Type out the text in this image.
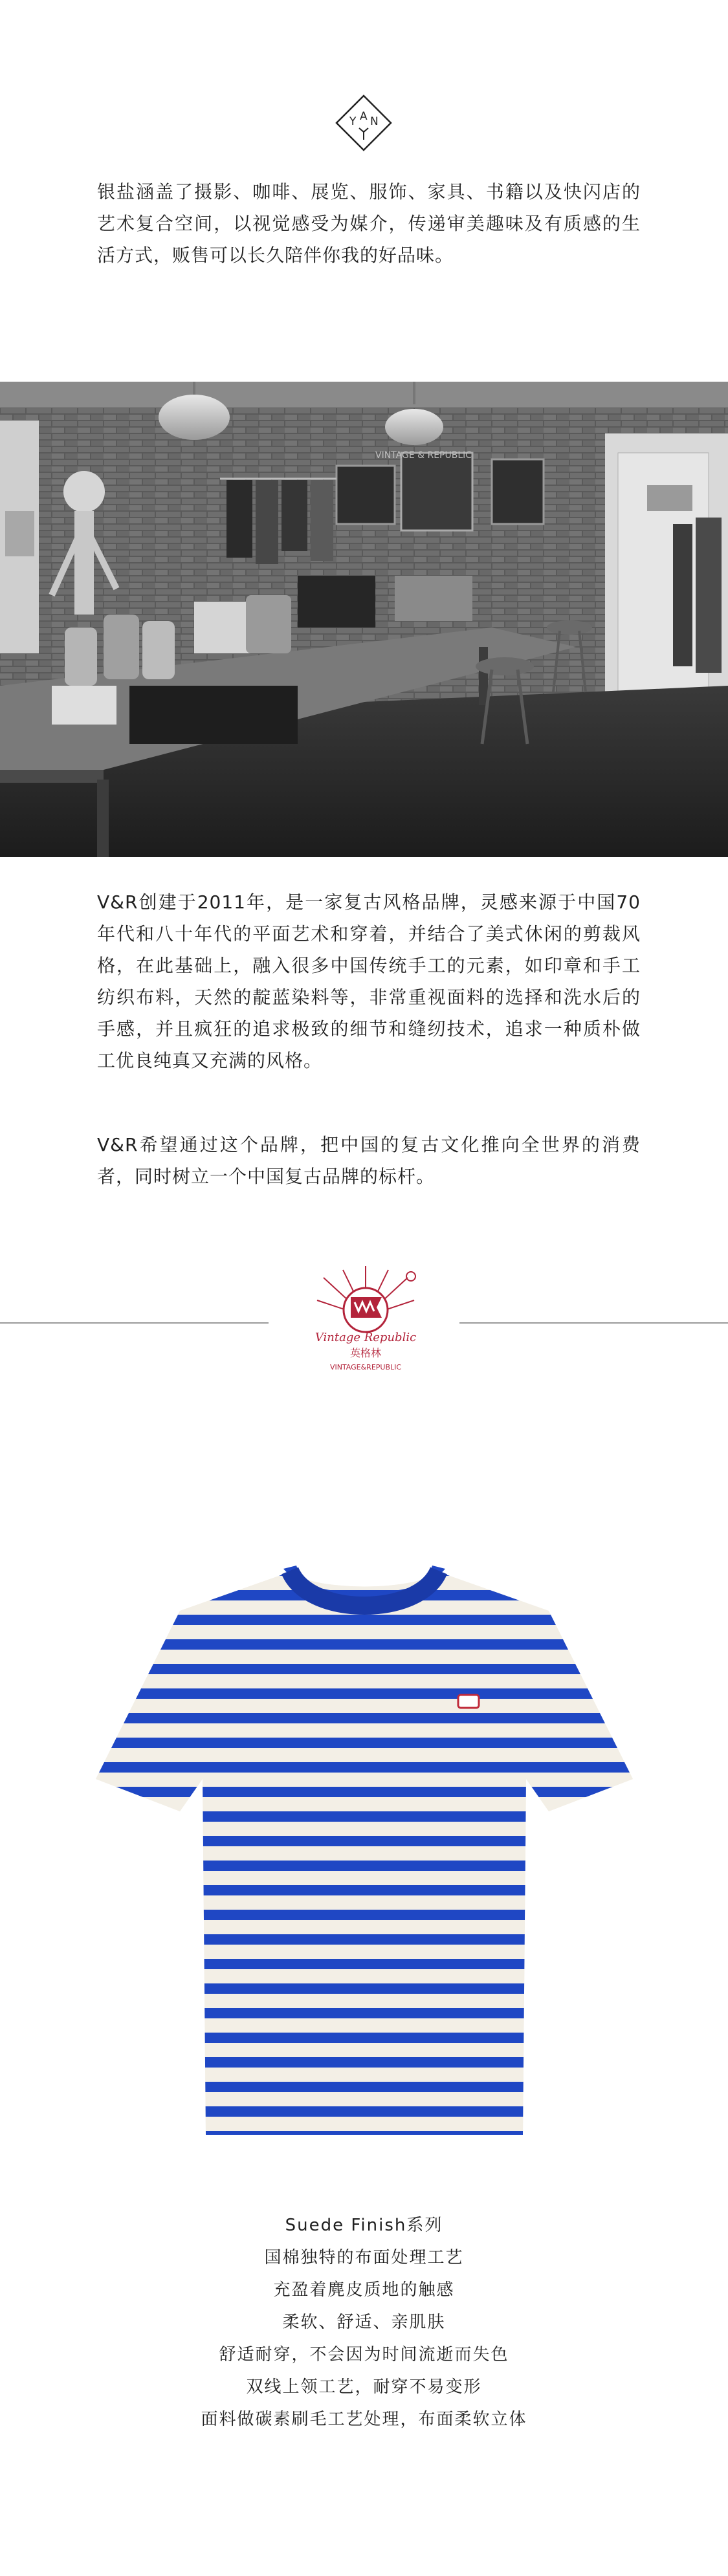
Y A N
银盐涵盖了摄影、咖啡、展览、服饰、家具、书籍以及快闪店的艺术复合空间，以视觉感受为媒介，传递审美趣味及有质感的生活方式，贩售可以长久陪伴你我的好品味。
VINTAGE & REPUBLIC
V&R创建于2011年，是一家复古风格品牌，灵感来源于中国70年代和八十年代的平面艺术和穿着，并结合了美式休闲的剪裁风格，在此基础上，融入很多中国传统手工的元素，如印章和手工纺织布料，天然的靛蓝染料等，非常重视面料的选择和洗水后的手感，并且疯狂的追求极致的细节和缝纫技术，追求一种质朴做工优良纯真又充满的风格。
V&R希望通过这个品牌，把中国的复古文化推向全世界的消费者，同时树立一个中国复古品牌的标杆。
Vintage Republic
英格林
VINTAGE&REPUBLIC
Suede Finish系列
国棉独特的布面处理工艺
充盈着麂皮质地的触感
柔软、舒适、亲肌肤
舒适耐穿，不会因为时间流逝而失色
双线上领工艺，耐穿不易变形
面料做碳素刷毛工艺处理，布面柔软立体
